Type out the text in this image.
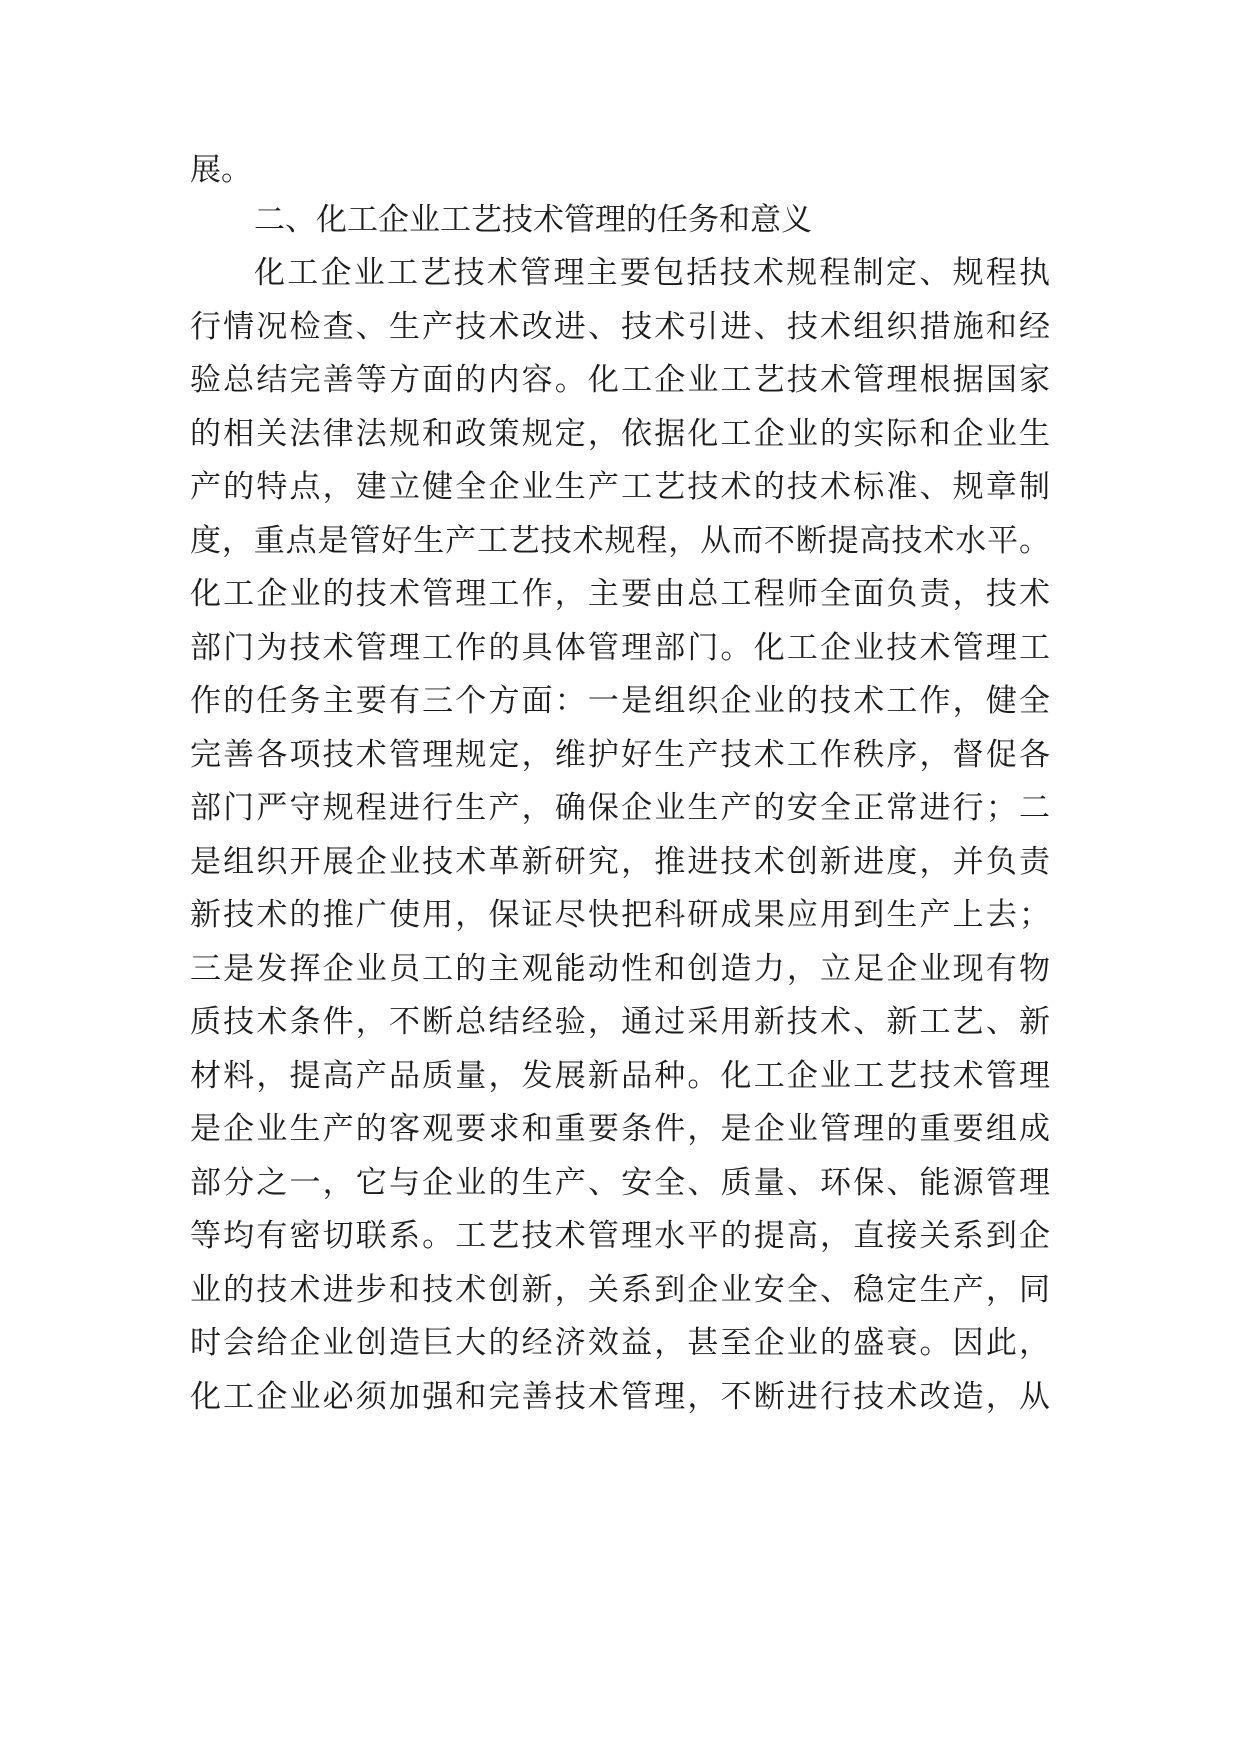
展。
二、化工企业工艺技术管理的任务和意义
化工企业工艺技术管理主要包括技术规程制定、规程执
行情况检查、生产技术改进、技术引进、技术组织措施和经
验总结完善等方面的内容。化工企业工艺技术管理根据国家
的相关法律法规和政策规定，依据化工企业的实际和企业生
产的特点，建立健全企业生产工艺技术的技术标准、规章制
度，重点是管好生产工艺技术规程，从而不断提高技术水平。
化工企业的技术管理工作，主要由总工程师全面负责，技术
部门为技术管理工作的具体管理部门。化工企业技术管理工
作的任务主要有三个方面：一是组织企业的技术工作，健全
完善各项技术管理规定，维护好生产技术工作秩序，督促各
部门严守规程进行生产，确保企业生产的安全正常进行；二
是组织开展企业技术革新研究，推进技术创新进度，并负责
新技术的推广使用，保证尽快把科研成果应用到生产上去；
三是发挥企业员工的主观能动性和创造力，立足企业现有物
质技术条件，不断总结经验，通过采用新技术、新工艺、新
材料，提高产品质量，发展新品种。化工企业工艺技术管理
是企业生产的客观要求和重要条件，是企业管理的重要组成
部分之一，它与企业的生产、安全、质量、环保、能源管理
等均有密切联系。工艺技术管理水平的提高，直接关系到企
业的技术进步和技术创新，关系到企业安全、稳定生产，同
时会给企业创造巨大的经济效益，甚至企业的盛衰。因此，
化工企业必须加强和完善技术管理，不断进行技术改造，从
